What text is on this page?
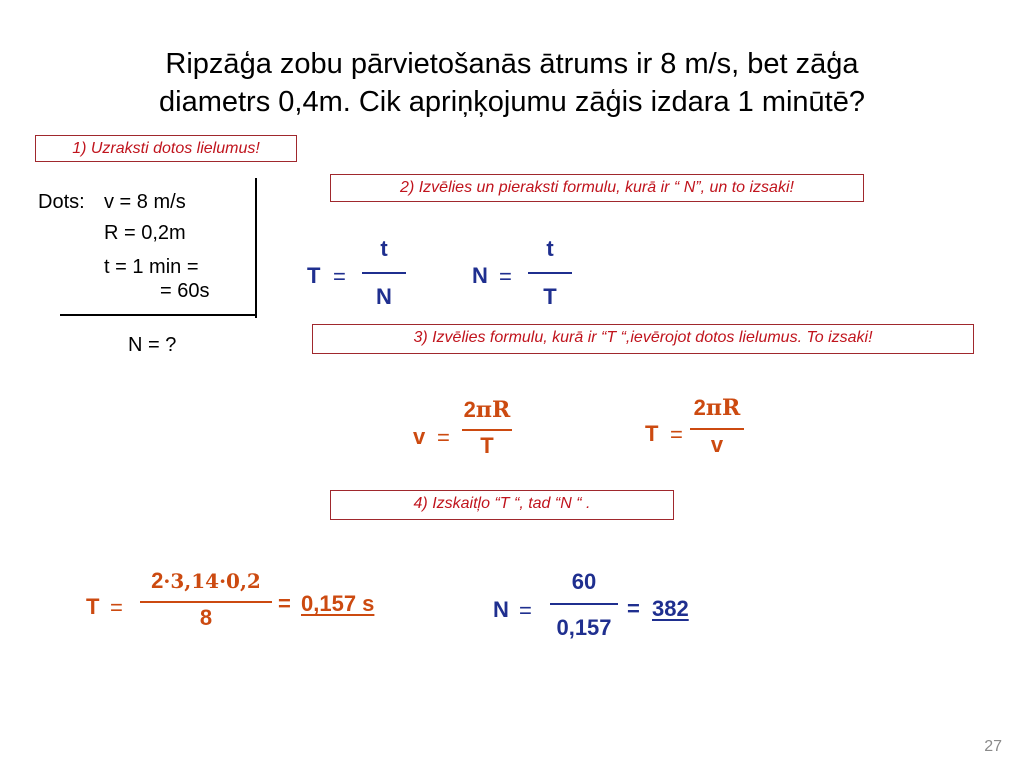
Ripzāģa zobu pārvietošanās ātrums ir 8 m/s, bet zāģa
diametrs 0,4m. Cik apriņķojumu zāģis izdara 1 minūtē?
1) Uzraksti dotos lielumus!
2) Izvēlies un pieraksti formulu, kurā ir “ N”, un to izsaki!
3) Izvēlies formulu, kurā ir “T “,ievērojot dotos lielumus. To izsaki!
4) Izskaitļo “T “, tad “N “ .
Dots: v = 8 m/s
R = 0,2m
t = 1 min =
= 60s
N = ?
T =
t
N
N =
t
T
v =
2πR
T	T =
2πR
v
T =
2·3,14·0,2
8
= 0,157 s	N =
60
0,157
= 382
27
